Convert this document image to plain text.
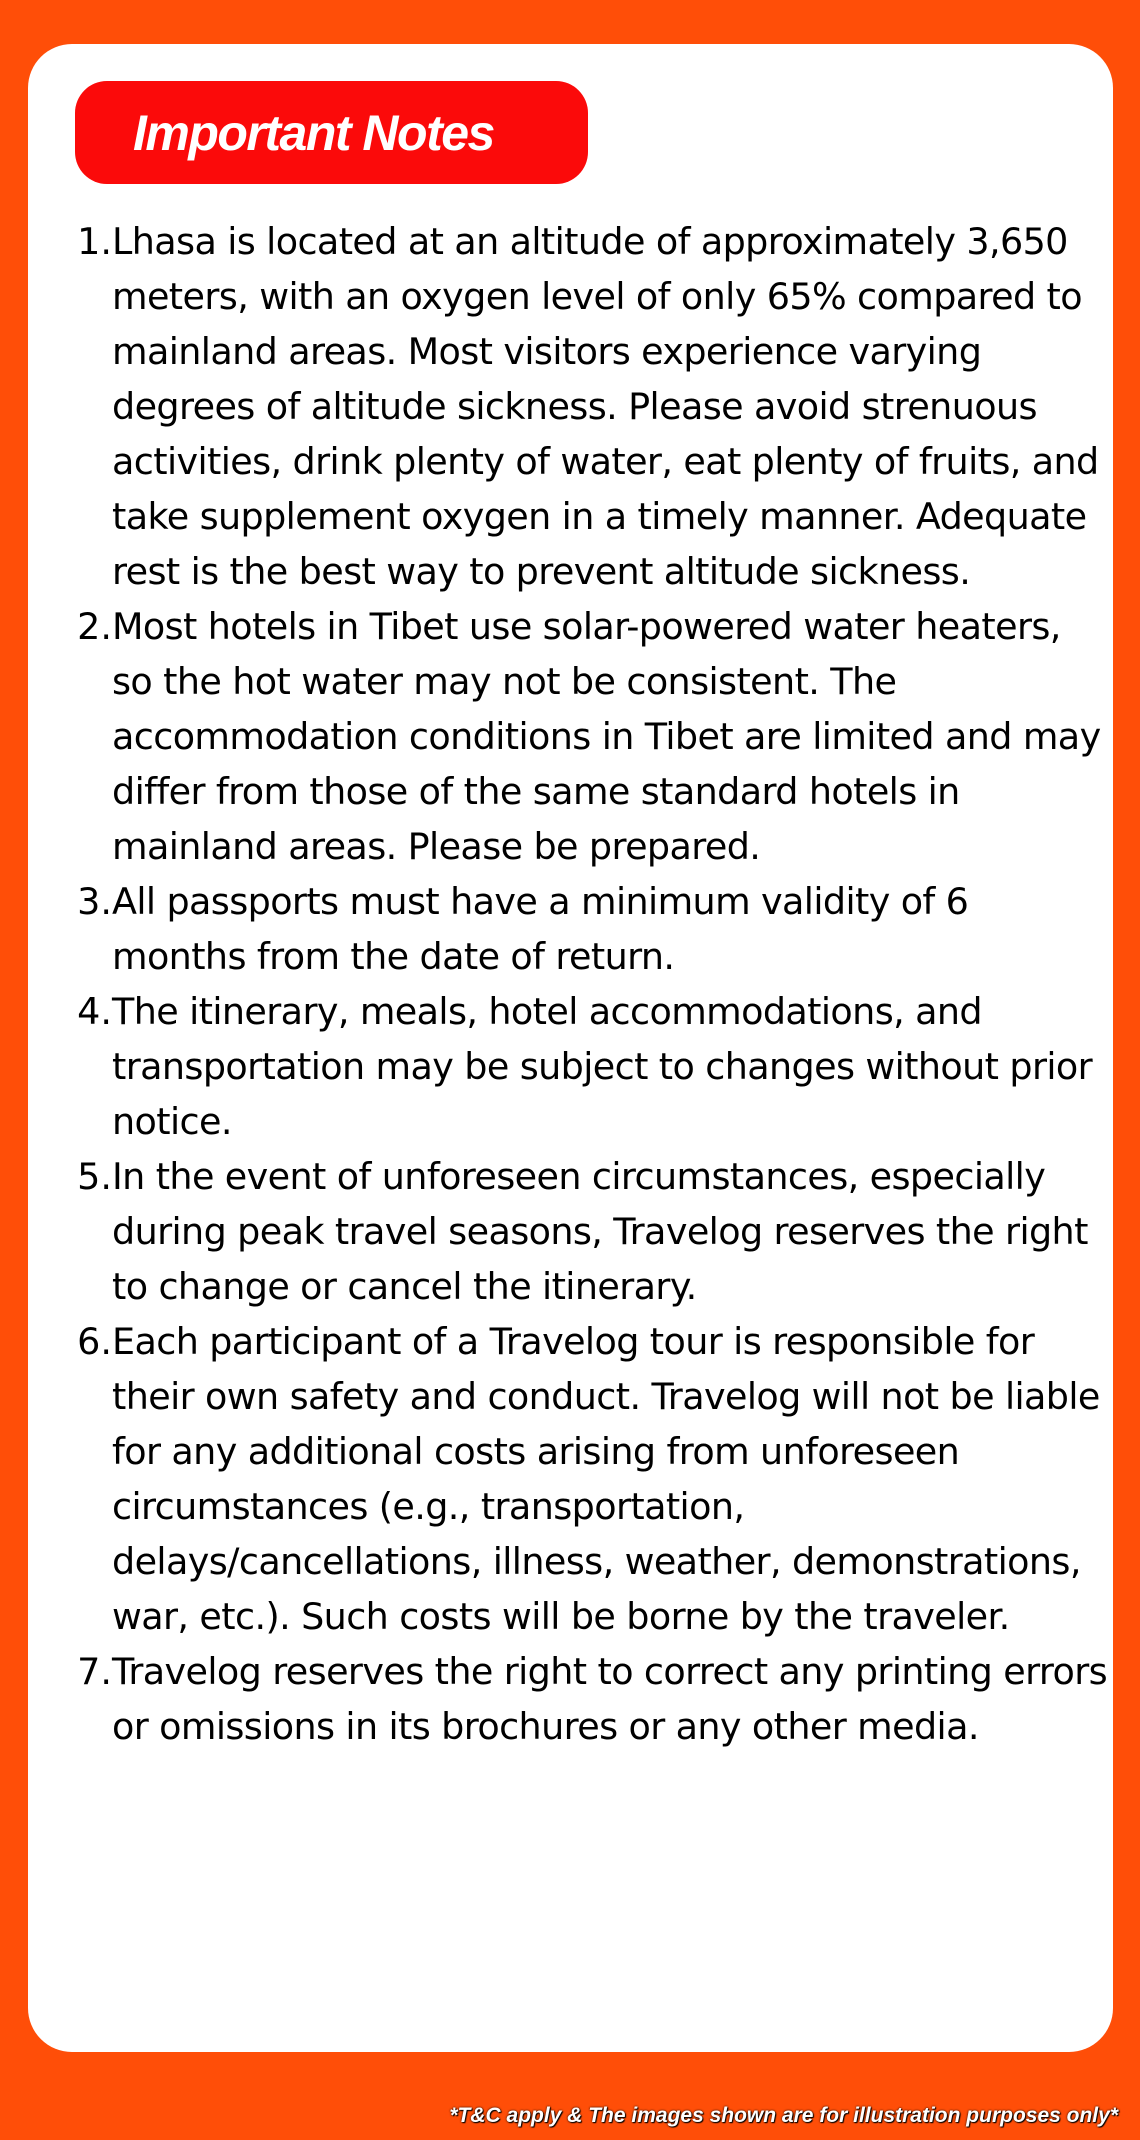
Important Notes
1. Lhasa is located at an altitude of approximately 3,650 meters, with an oxygen level of only 65% compared to mainland areas. Most visitors experience varying degrees of altitude sickness. Please avoid strenuous activities, drink plenty of water, eat plenty of fruits, and take supplement oxygen in a timely manner. Adequate rest is the best way to prevent altitude sickness.
2. Most hotels in Tibet use solar-powered water heaters, so the hot water may not be consistent. The accommodation conditions in Tibet are limited and may differ from those of the same standard hotels in mainland areas. Please be prepared.
3. All passports must have a minimum validity of 6 months from the date of return.
4. The itinerary, meals, hotel accommodations, and transportation may be subject to changes without prior notice.
5. In the event of unforeseen circumstances, especially during peak travel seasons, Travelog reserves the right to change or cancel the itinerary.
6. Each participant of a Travelog tour is responsible for their own safety and conduct. Travelog will not be liable for any additional costs arising from unforeseen circumstances (e.g., transportation, delays/cancellations, illness, weather, demonstrations, war, etc.). Such costs will be borne by the traveler.
7. Travelog reserves the right to correct any printing errors or omissions in its brochures or any other media.
*T&C apply & The images shown are for illustration purposes only*
